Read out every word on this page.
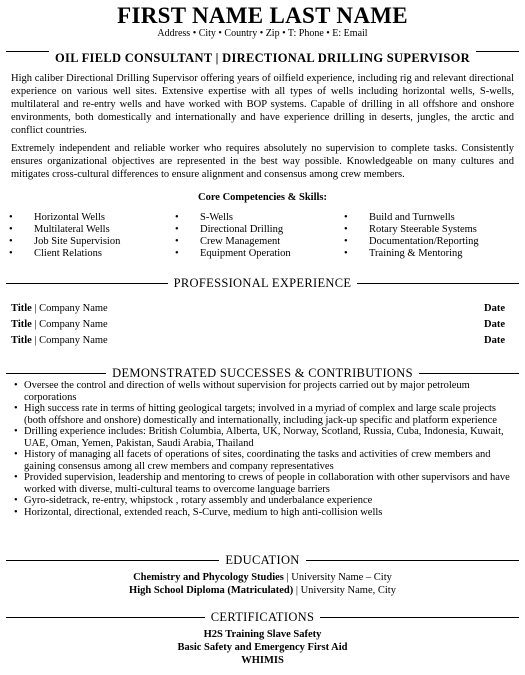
FIRST NAME LAST NAME
Address • City • Country • Zip • T: Phone • E: Email
OIL FIELD CONSULTANT | DIRECTIONAL DRILLING SUPERVISOR
High caliber Directional Drilling Supervisor offering years of oilfield experience, including rig and relevant directional experience on various well sites. Extensive expertise with all types of wells including horizontal wells, S-wells, multilateral and re-entry wells and have worked with BOP systems. Capable of drilling in all offshore and onshore environments, both domestically and internationally and have experience drilling in deserts, jungles, the arctic and conflict countries.
Extremely independent and reliable worker who requires absolutely no supervision to complete tasks. Consistently ensures organizational objectives are represented in the best way possible. Knowledgeable on many cultures and mitigates cross-cultural differences to ensure alignment and consensus among crew members.
Core Competencies & Skills:
• Horizontal Wells
• Multilateral Wells
• Job Site Supervision
• Client Relations
• S-Wells
• Directional Drilling
• Crew Management
• Equipment Operation
• Build and Turnwells
• Rotary Steerable Systems
• Documentation/Reporting
• Training & Mentoring
PROFESSIONAL EXPERIENCE
Title | Company Name	Date
Title | Company Name	Date
Title | Company Name	Date
DEMONSTRATED SUCCESSES & CONTRIBUTIONS
• Oversee the control and direction of wells without supervision for projects carried out by major petroleum corporations
• High success rate in terms of hitting geological targets; involved in a myriad of complex and large scale projects (both offshore and onshore) domestically and internationally, including jack-up specific and platform experience
• Drilling experience includes: British Columbia, Alberta, UK, Norway, Scotland, Russia, Cuba, Indonesia, Kuwait, UAE, Oman, Yemen, Pakistan, Saudi Arabia, Thailand
• History of managing all facets of operations of sites, coordinating the tasks and activities of crew members and gaining consensus among all crew members and company representatives
• Provided supervision, leadership and mentoring to crews of people in collaboration with other supervisors and have worked with diverse, multi-cultural teams to overcome language barriers
• Gyro-sidetrack, re-entry, whipstock , rotary assembly and underbalance experience
• Horizontal, directional, extended reach, S-Curve, medium to high anti-collision wells
EDUCATION
Chemistry and Phycology Studies | University Name – City
High School Diploma (Matriculated) | University Name, City
CERTIFICATIONS
H2S Training Slave Safety
Basic Safety and Emergency First Aid
WHIMIS
